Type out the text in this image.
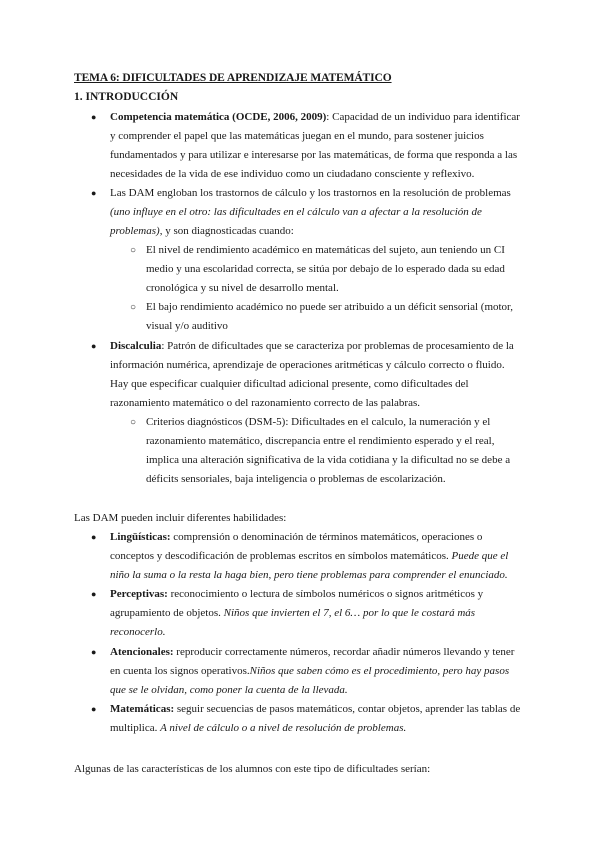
TEMA 6: DIFICULTADES DE APRENDIZAJE MATEMÁTICO
1. INTRODUCCIÓN
● Competencia matemática (OCDE, 2006, 2009): Capacidad de un individuo para identificar y comprender el papel que las matemáticas juegan en el mundo, para sostener juicios fundamentados y para utilizar e interesarse por las matemáticas, de forma que responda a las necesidades de la vida de ese individuo como un ciudadano consciente y reflexivo.
● Las DAM engloban los trastornos de cálculo y los trastornos en la resolución de problemas (uno influye en el otro: las dificultades en el cálculo van a afectar a la resolución de problemas), y son diagnosticadas cuando:
○ El nivel de rendimiento académico en matemáticas del sujeto, aun teniendo un CI medio y una escolaridad correcta, se sitúa por debajo de lo esperado dada su edad cronológica y su nivel de desarrollo mental.
○ El bajo rendimiento académico no puede ser atribuido a un déficit sensorial (motor, visual y/o auditivo
● Discalculia: Patrón de dificultades que se caracteriza por problemas de procesamiento de la información numérica, aprendizaje de operaciones aritméticas y cálculo correcto o fluido. Hay que especificar cualquier dificultad adicional presente, como dificultades del razonamiento matemático o del razonamiento correcto de las palabras.
○ Criterios diagnósticos (DSM-5): Dificultades en el calculo, la numeración y el razonamiento matemático, discrepancia entre el rendimiento esperado y el real, implica una alteración significativa de la vida cotidiana y la dificultad no se debe a déficits sensoriales, baja inteligencia o problemas de escolarización.
Las DAM pueden incluir diferentes habilidades:
● Lingüísticas: comprensión o denominación de términos matemáticos, operaciones o conceptos y descodificación de problemas escritos en símbolos matemáticos. Puede que el niño la suma o la resta la haga bien, pero tiene problemas para comprender el enunciado.
● Perceptivas: reconocimiento o lectura de símbolos numéricos o signos aritméticos y agrupamiento de objetos. Niños que invierten el 7, el 6… por lo que le costará más reconocerlo.
● Atencionales: reproducir correctamente números, recordar añadir números llevando y tener en cuenta los signos operativos.Niños que saben cómo es el procedimiento, pero hay pasos que se le olvidan, como poner la cuenta de la llevada.
● Matemáticas: seguir secuencias de pasos matemáticos, contar objetos, aprender las tablas de multiplica. A nivel de cálculo o a nivel de resolución de problemas.
Algunas de las características de los alumnos con este tipo de dificultades serían:
